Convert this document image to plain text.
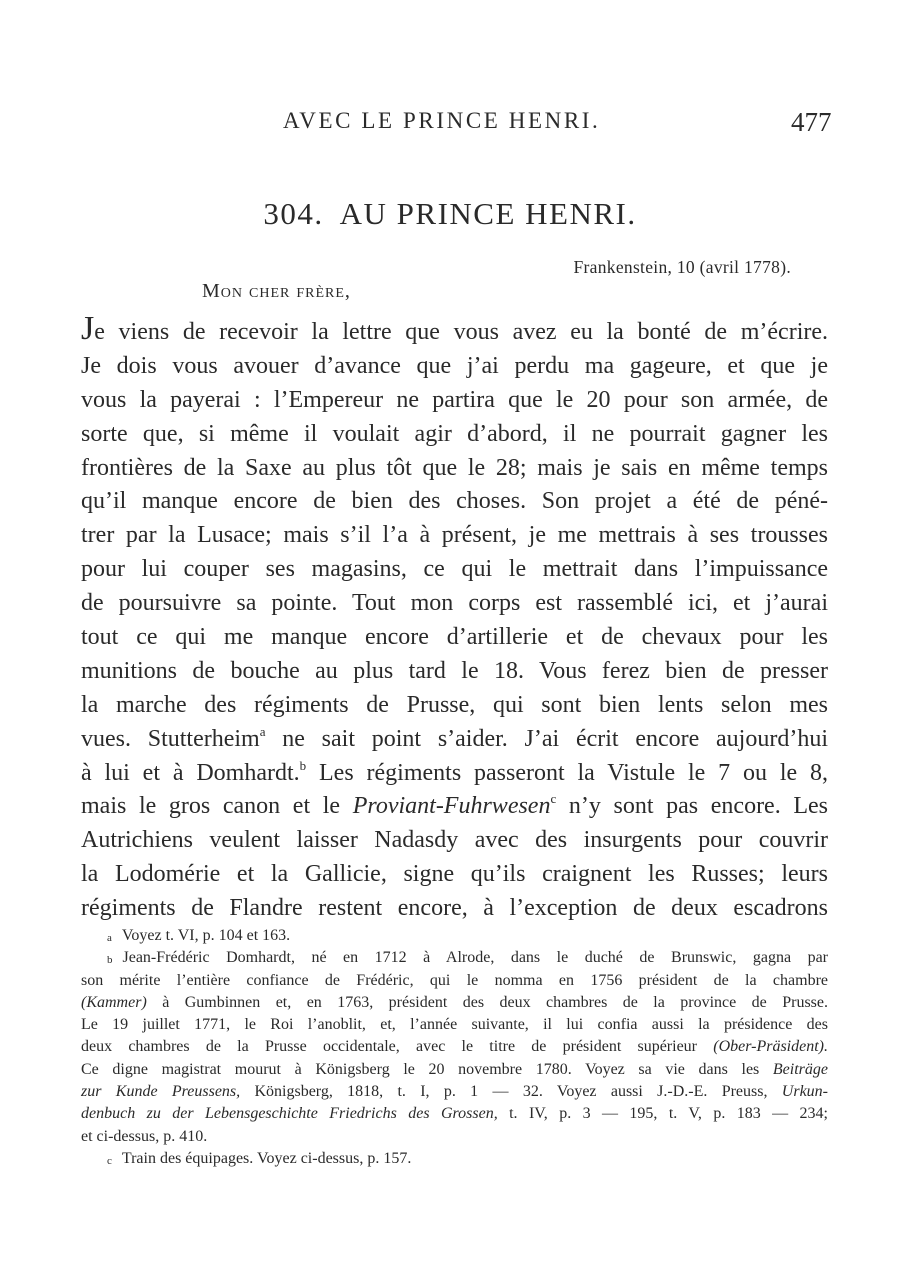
AVEC LE PRINCE HENRI.	477
304. AU PRINCE HENRI.
Frankenstein, 10 (avril 1778).
Mon cher frère,
Je viens de recevoir la lettre que vous avez eu la bonté de m’écrire.
Je dois vous avouer d’avance que j’ai perdu ma gageure, et que je
vous la payerai : l’Empereur ne partira que le 20 pour son armée, de
sorte que, si même il voulait agir d’abord, il ne pourrait gagner les
frontières de la Saxe au plus tôt que le 28; mais je sais en même temps
qu’il manque encore de bien des choses. Son projet a été de péné-
trer par la Lusace; mais s’il l’a à présent, je me mettrais à ses trousses
pour lui couper ses magasins, ce qui le mettrait dans l’impuissance
de poursuivre sa pointe. Tout mon corps est rassemblé ici, et j’aurai
tout ce qui me manque encore d’artillerie et de chevaux pour les
munitions de bouche au plus tard le 18. Vous ferez bien de presser
la marche des régiments de Prusse, qui sont bien lents selon mes
vues. Stutterheim$^a$ ne sait point s’aider. J’ai écrit encore aujourd’hui
à lui et à Domhardt.$^b$ Les régiments passeront la Vistule le 7 ou le 8,
mais le gros canon et le Proviant-Fuhrwesen$^c$ n’y sont pas encore. Les
Autrichiens veulent laisser Nadasdy avec des insurgents pour couvrir
la Lodomérie et la Gallicie, signe qu’ils craignent les Russes; leurs
régiments de Flandre restent encore, à l’exception de deux escadrons
$^a$ Voyez t. VI, p. 104 et 163.
$^b$ Jean-Frédéric Domhardt, né en 1712 à Alrode, dans le duché de Brunswic, gagna par
son mérite l’entière confiance de Frédéric, qui le nomma en 1756 président de la chambre
(Kammer) à Gumbinnen et, en 1763, président des deux chambres de la province de Prusse.
Le 19 juillet 1771, le Roi l’anoblit, et, l’année suivante, il lui confia aussi la présidence des
deux chambres de la Prusse occidentale, avec le titre de président supérieur (Ober-Präsident).
Ce digne magistrat mourut à Königsberg le 20 novembre 1780. Voyez sa vie dans les Beiträge
zur Kunde Preussens, Königsberg, 1818, t. I, p. 1 — 32. Voyez aussi J.-D.-E. Preuss, Urkun-
denbuch zu der Lebensgeschichte Friedrichs des Grossen, t. IV, p. 3 — 195, t. V, p. 183 — 234;
et ci-dessus, p. 410.
$^c$ Train des équipages. Voyez ci-dessus, p. 157.
